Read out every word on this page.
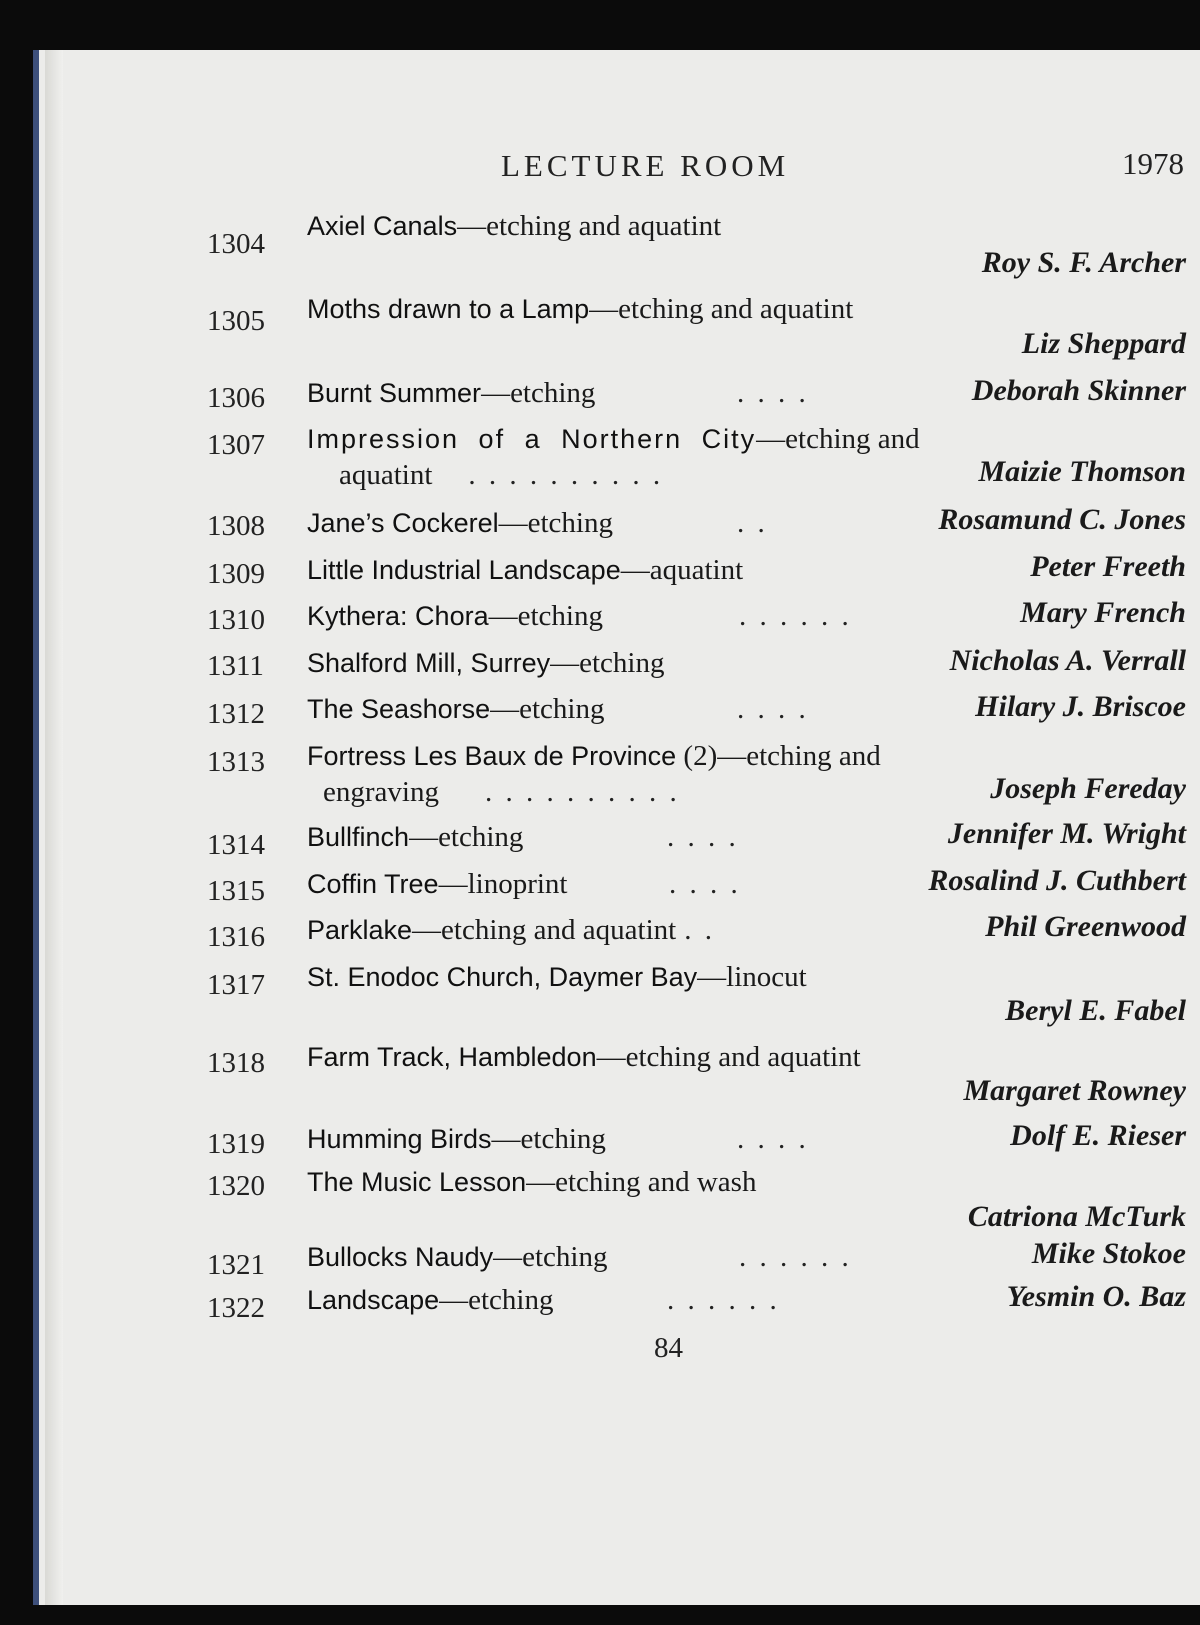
LECTURE ROOM	1978
1304
Axiel Canals—etching and aquatint
Roy S. F. Archer
1305 Moths drawn to a Lamp—etching and aquatint
Liz Sheppard
1306 Burnt Summer—etching	. . . .	Deborah Skinner
1307 Impression of a Northern City—etching and
aquatint . . . . . . . . . .	Maizie Thomson
1308 Jane’s Cockerel—etching	. .	Rosamund C. Jones
1309 Little Industrial Landscape—aquatint	Peter Freeth
1310 Kythera: Chora—etching	. . . . . .	Mary French
1311 Shalford Mill, Surrey—etching	Nicholas A. Verrall
1312 The Seashorse—etching	. . . .	Hilary J. Briscoe
1313 Fortress Les Baux de Province (2)—etching and
engraving . . . . . . . . . .	Joseph Fereday
1314 Bullfinch—etching	. . . .	Jennifer M. Wright
1315 Coffin Tree—linoprint	. . . .	Rosalind J. Cuthbert
1316 Parklake—etching and aquatint . .	Phil Greenwood
1317 St. Enodoc Church, Daymer Bay—linocut
Beryl E. Fabel
1318 Farm Track, Hambledon—etching and aquatint
Margaret Rowney
1319 Humming Birds—etching	. . . .	Dolf E. Rieser
1320 The Music Lesson—etching and wash
Catriona McTurk
1321 Bullocks Naudy—etching	. . . . . .	Mike Stokoe
1322 Landscape—etching	. . . . . .	Yesmin O. Baz
84
